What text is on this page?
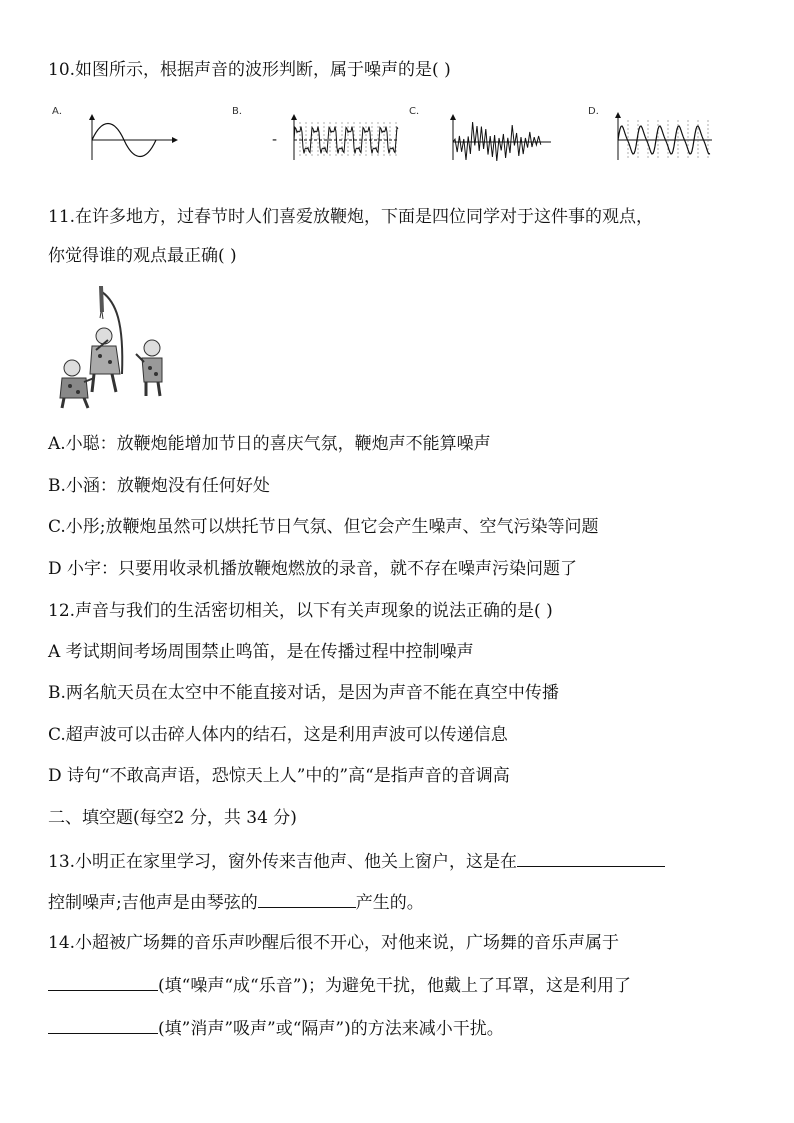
10.如图所示，根据声音的波形判断，属于噪声的是( )
A．	B．
-
C．	D．
11.在许多地方，过春节时人们喜爱放鞭炮，下面是四位同学对于这件事的观点，
你觉得谁的观点最正确( )
A.小聪：放鞭炮能增加节日的喜庆气氛，鞭炮声不能算噪声
B.小涵：放鞭炮没有任何好处
C.小彤;放鞭炮虽然可以烘托节日气氛、但它会产生噪声、空气污染等问题
D 小宇：只要用收录机播放鞭炮燃放的录音，就不存在噪声污染问题了
12.声音与我们的生活密切相关，以下有关声现象的说法正确的是( )
A 考试期间考场周围禁止鸣笛，是在传播过程中控制噪声
B.两名航天员在太空中不能直接对话，是因为声音不能在真空中传播
C.超声波可以击碎人体内的结石，这是利用声波可以传递信息
D 诗句“不敢高声语，恐惊天上人”中的”高“是指声音的音调高
二、填空题(每空2 分，共 34 分)
13.小明正在家里学习，窗外传来吉他声、他关上窗户，这是在
控制噪声;吉他声是由琴弦的	产生的。
14.小超被广场舞的音乐声吵醒后很不开心，对他来说，广场舞的音乐声属于
(填“噪声“成“乐音”)；为避免干扰，他戴上了耳罩，这是利用了
(填”消声”吸声”或“隔声”)的方法来减小干扰。
